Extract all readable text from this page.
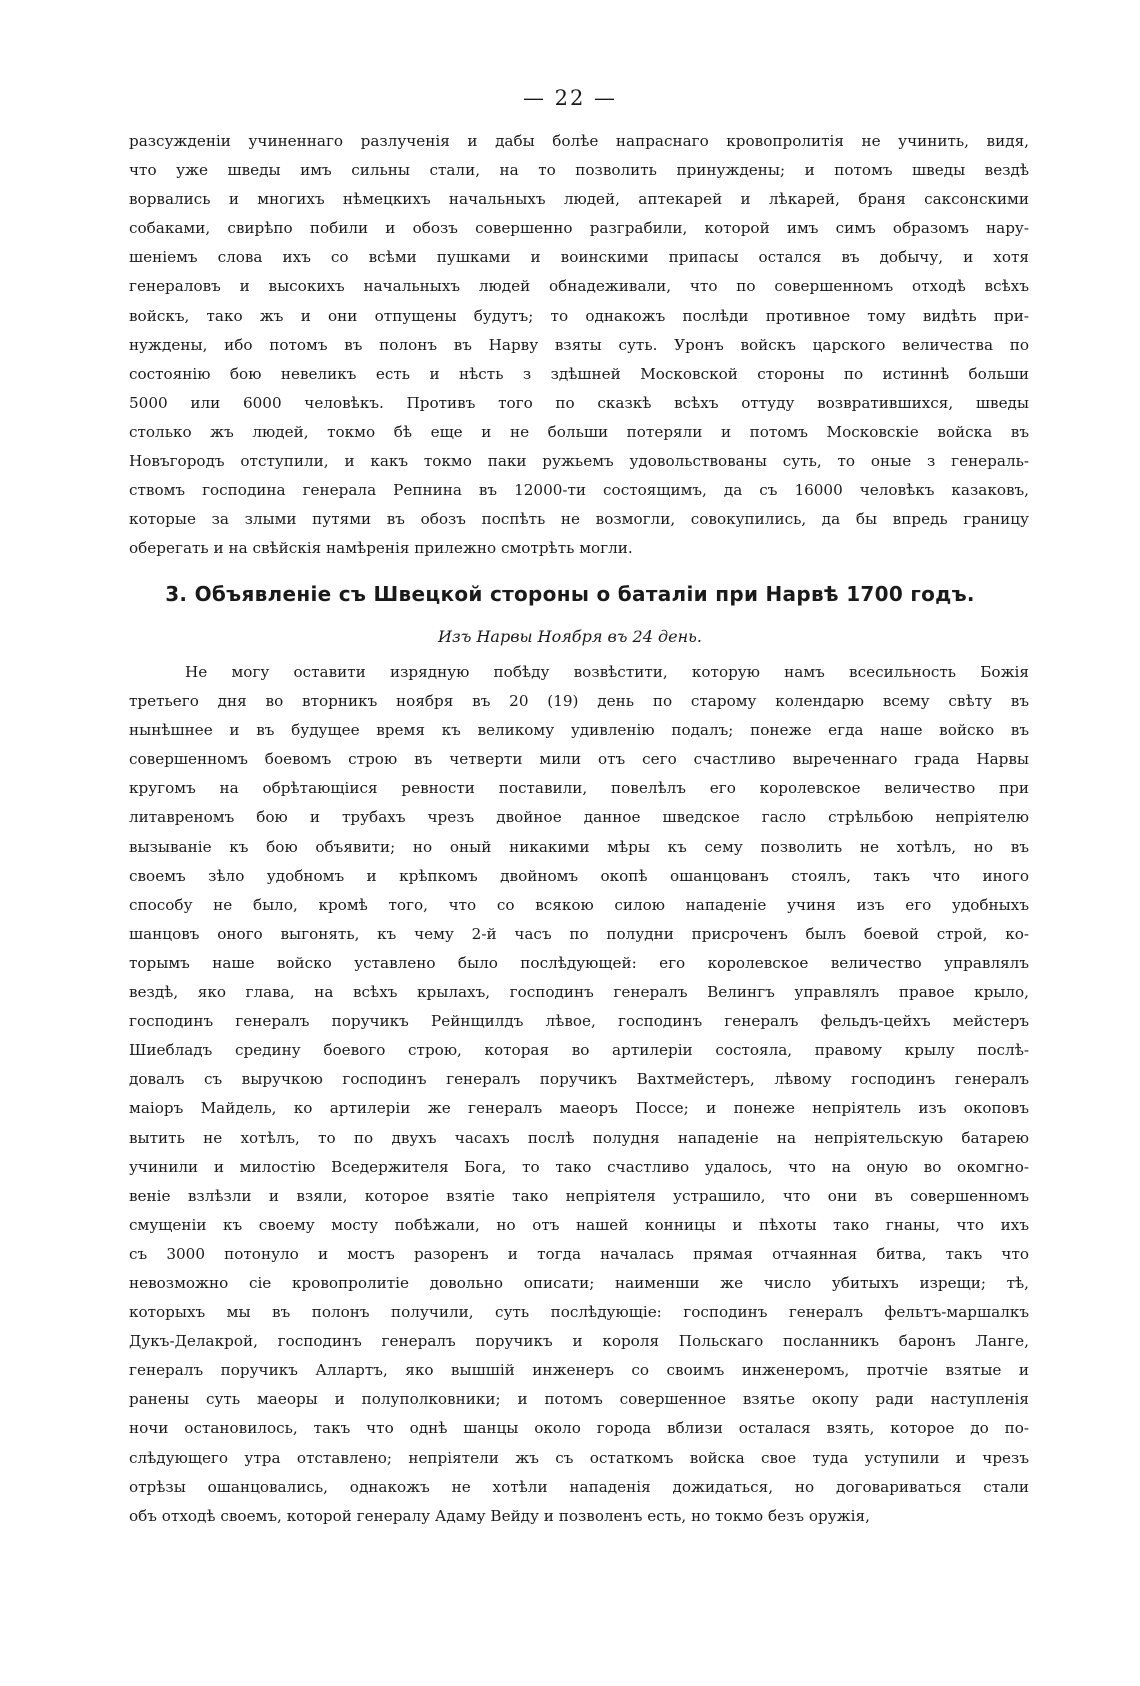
— 22 —
разсужденіи учиненнаго разлученія и дабы болѣе напраснаго кровопролитія не учинить, видя,
что уже шведы имъ сильны стали, на то позволить принуждены; и потомъ шведы вездѣ
ворвались и многихъ нѣмецкихъ начальныхъ людей, аптекарей и лѣкарей, браня саксонскими
собаками, свирѣпо побили и обозъ совершенно разграбили, которой имъ симъ образомъ нару-
шеніемъ слова ихъ со всѣми пушками и воинскими припасы остался въ добычу, и хотя
генераловъ и высокихъ начальныхъ людей обнадеживали, что по совершенномъ отходѣ всѣхъ
войскъ, тако жъ и они отпущены будутъ; то однакожъ послѣди противное тому видѣть при-
нуждены, ибо потомъ въ полонъ въ Нарву взяты суть. Уронъ войскъ царского величества по
состоянію бою невеликъ есть и нѣсть з здѣшней Московской стороны по истиннѣ больши
5000 или 6000 человѣкъ. Противъ того по сказкѣ всѣхъ оттуду возвратившихся, шведы
столько жъ людей, токмо бѣ еще и не больши потеряли и потомъ Московскіе войска въ
Новъгородъ отступили, и какъ токмо паки ружьемъ удовольствованы суть, то оные з генераль-
ствомъ господина генерала Репнина въ 12000-ти состоящимъ, да съ 16000 человѣкъ казаковъ,
которые за злыми путями въ обозъ поспѣть не возмогли, совокупились, да бы впредь границу
оберегать и на свѣйскія намѣренія прилежно смотрѣть могли.
3. Объявленіе съ Швецкой стороны о баталіи при Нарвѣ 1700 годъ.
Изъ Нарвы Ноября въ 24 день.
Не могу оставити изрядную побѣду возвѣстити, которую намъ всесильность Божія
третьего дня во вторникъ ноября въ 20 (19) день по старому колендарю всему свѣту въ
нынѣшнее и въ будущее время къ великому удивленію подалъ; понеже егда наше войско въ
совершенномъ боевомъ строю въ четверти мили отъ сего счастливо выреченнаго града Нарвы
кругомъ на обрѣтающіися ревности поставили, повелѣлъ его королевское величество при
литавреномъ бою и трубахъ чрезъ двойное данное шведское гасло стрѣльбою непріятелю
вызываніе къ бою объявити; но оный никакими мѣры къ сему позволить не хотѣлъ, но въ
своемъ зѣло удобномъ и крѣпкомъ двойномъ окопѣ ошанцованъ стоялъ, такъ что иного
способу не было, кромѣ того, что со всякою силою нападеніе учиня изъ его удобныхъ
шанцовъ оного выгонять, къ чему 2-й часъ по полудни присроченъ былъ боевой строй, ко-
торымъ наше войско уставлено было послѣдующей: его королевское величество управлялъ
вездѣ, яко глава, на всѣхъ крылахъ, господинъ генералъ Велингъ управлялъ правое крыло,
господинъ генералъ поручикъ Рейнщилдъ лѣвое, господинъ генералъ фельдъ-цейхъ мейстеръ
Шиебладъ средину боевого строю, которая во артилеріи состояла, правому крылу послѣ-
довалъ съ выручкою господинъ генералъ поручикъ Вахтмейстеръ, лѣвому господинъ генералъ
маіоръ Майдель, ко артилеріи же генералъ маеоръ Поссе; и понеже непріятель изъ окоповъ
вытить не хотѣлъ, то по двухъ часахъ послѣ полудня нападеніе на непріятельскую батарею
учинили и милостію Вседержителя Бога, то тако счастливо удалось, что на оную во окомгно-
веніе взлѣзли и взяли, которое взятіе тако непріятеля устрашило, что они въ совершенномъ
смущеніи къ своему мосту побѣжали, но отъ нашей конницы и пѣхоты тако гнаны, что ихъ
съ 3000 потонуло и мостъ разоренъ и тогда началась прямая отчаянная битва, такъ что
невозможно сіе кровопролитіе довольно описати; наименши же число убитыхъ изрещи; тѣ,
которыхъ мы въ полонъ получили, суть послѣдующіе: господинъ генералъ фельтъ-маршалкъ
Дукъ-Делакрой, господинъ генералъ поручикъ и короля Польскаго посланникъ баронъ Ланге,
генералъ поручикъ Аллартъ, яко вышшій инженеръ со своимъ инженеромъ, протчіе взятые и
ранены суть маеоры и полуполковники; и потомъ совершенное взятье окопу ради наступленія
ночи остановилось, такъ что однѣ шанцы около города вблизи осталася взять, которое до по-
слѣдующего утра отставлено; непріятели жъ съ остаткомъ войска свое туда уступили и чрезъ
отрѣзы ошанцовались, однакожъ не хотѣли нападенія дожидаться, но договариваться стали
объ отходѣ своемъ, которой генералу Адаму Вейду и позволенъ есть, но токмо безъ оружія,
